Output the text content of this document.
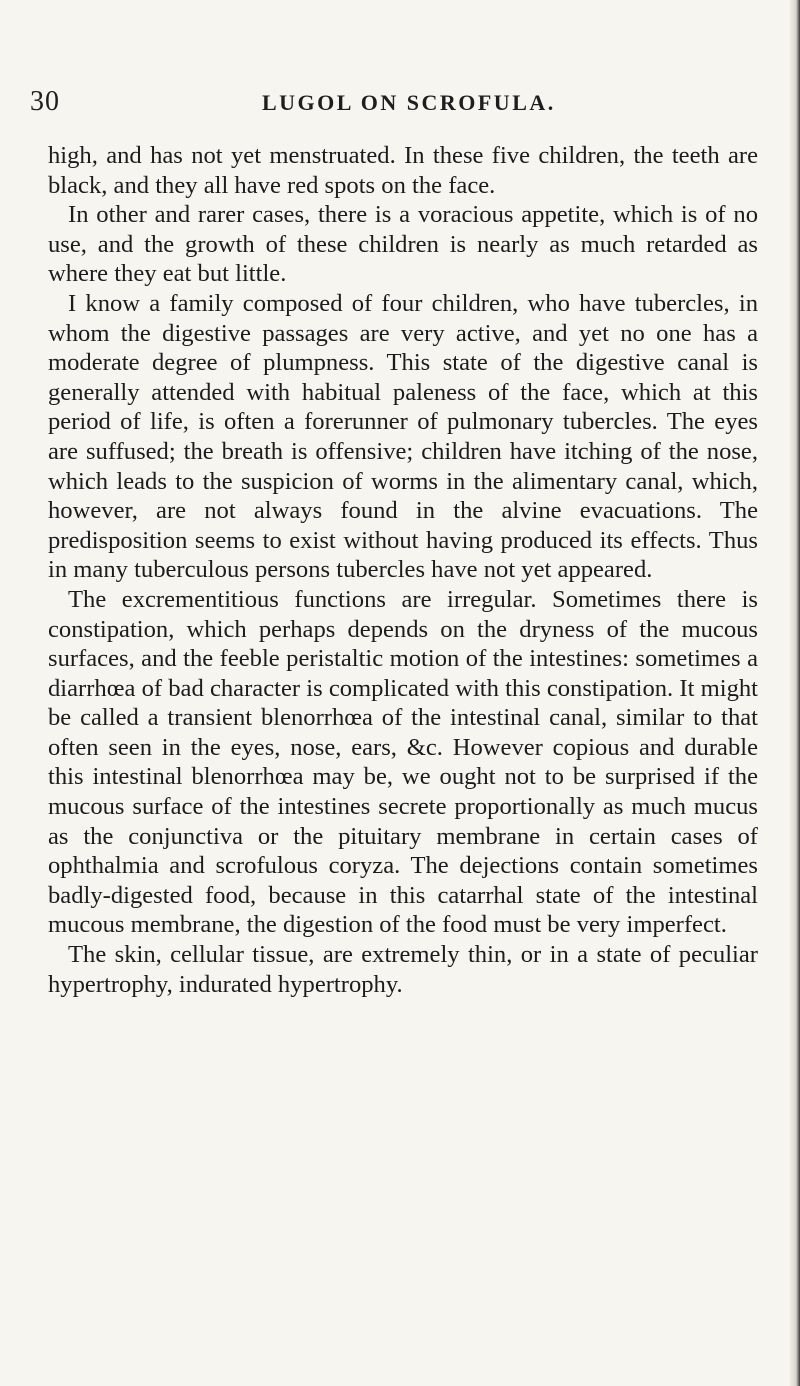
30	LUGOL ON SCROFULA.

high, and has not yet menstruated. In these five children, the teeth are black, and they all have red spots on the face.

In other and rarer cases, there is a voracious appetite, which is of no use, and the growth of these children is nearly as much retarded as where they eat but little.

I know a family composed of four children, who have tubercles, in whom the digestive passages are very active, and yet no one has a moderate degree of plumpness. This state of the digestive canal is generally attended with habitual paleness of the face, which at this period of life, is often a forerunner of pulmonary tubercles. The eyes are suffused; the breath is offensive; children have itching of the nose, which leads to the suspicion of worms in the alimentary canal, which, however, are not always found in the alvine evacuations. The predisposition seems to exist without having produced its effects. Thus in many tuberculous persons tubercles have not yet appeared.

The excrementitious functions are irregular. Sometimes there is constipation, which perhaps depends on the dryness of the mucous surfaces, and the feeble peristaltic motion of the intestines: sometimes a diarrhœa of bad character is complicated with this constipation. It might be called a transient blenorrhœa of the intestinal canal, similar to that often seen in the eyes, nose, ears, &c. However copious and durable this intestinal blenorrhœa may be, we ought not to be surprised if the mucous surface of the intestines secrete proportionally as much mucus as the conjunctiva or the pituitary membrane in certain cases of ophthalmia and scrofulous coryza. The dejections contain sometimes badly-digested food, because in this catarrhal state of the intestinal mucous membrane, the digestion of the food must be very imperfect.

The skin, cellular tissue, are extremely thin, or in a state of peculiar hypertrophy, indurated hypertrophy.
